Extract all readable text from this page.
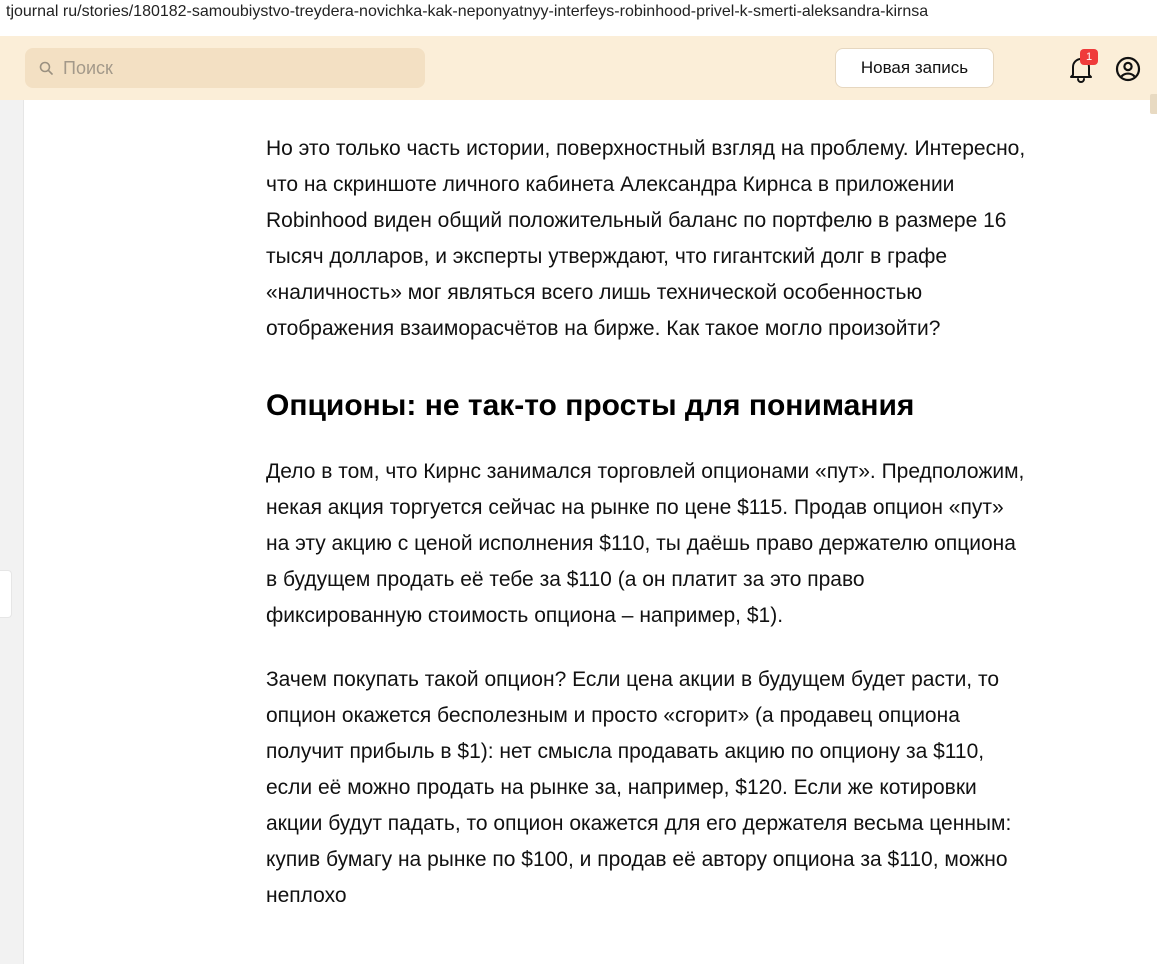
tjournal ru/stories/180182-samoubiystvo-treydera-novichka-kak-neponyatnyy-interfeys-robinhood-privel-k-smerti-aleksandra-kirnsa
Поиск
Новая запись
1

Но это только часть истории, поверхностный взгляд на проблему. Интересно, что на скриншоте личного кабинета Александра Кирнса в приложении Robinhood виден общий положительный баланс по портфелю в размере 16 тысяч долларов, и эксперты утверждают, что гигантский долг в графе «наличность» мог являться всего лишь технической особенностью отображения взаиморасчётов на бирже. Как такое могло произойти?

Опционы: не так-то просты для понимания

Дело в том, что Кирнс занимался торговлей опционами «пут». Предположим, некая акция торгуется сейчас на рынке по цене $115. Продав опцион «пут» на эту акцию с ценой исполнения $110, ты даёшь право держателю опциона в будущем продать её тебе за $110 (а он платит за это право фиксированную стоимость опциона – например, $1).

Зачем покупать такой опцион? Если цена акции в будущем будет расти, то опцион окажется бесполезным и просто «сгорит» (а продавец опциона получит прибыль в $1): нет смысла продавать акцию по опциону за $110, если её можно продать на рынке за, например, $120. Если же котировки акции будут падать, то опцион окажется для его держателя весьма ценным: купив бумагу на рынке по $100, и продав её автору опциона за $110, можно неплохо
